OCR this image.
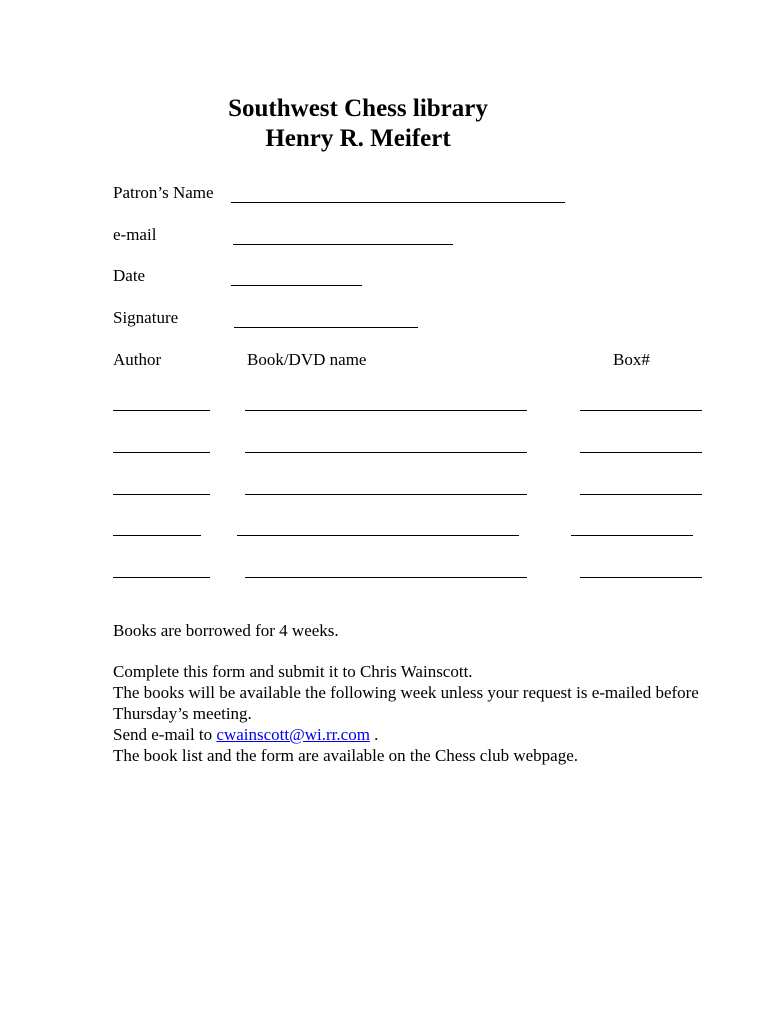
Southwest Chess library
Henry R. Meifert
Patron’s Name
e-mail
Date
Signature
Author	Book/DVD name	Box#
Books are borrowed for 4 weeks.
Complete this form and submit it to Chris Wainscott.
The books will be available the following week unless your request is e-mailed before
Thursday’s meeting.
Send e-mail to cwainscott@wi.rr.com .
The book list and the form are available on the Chess club webpage.
